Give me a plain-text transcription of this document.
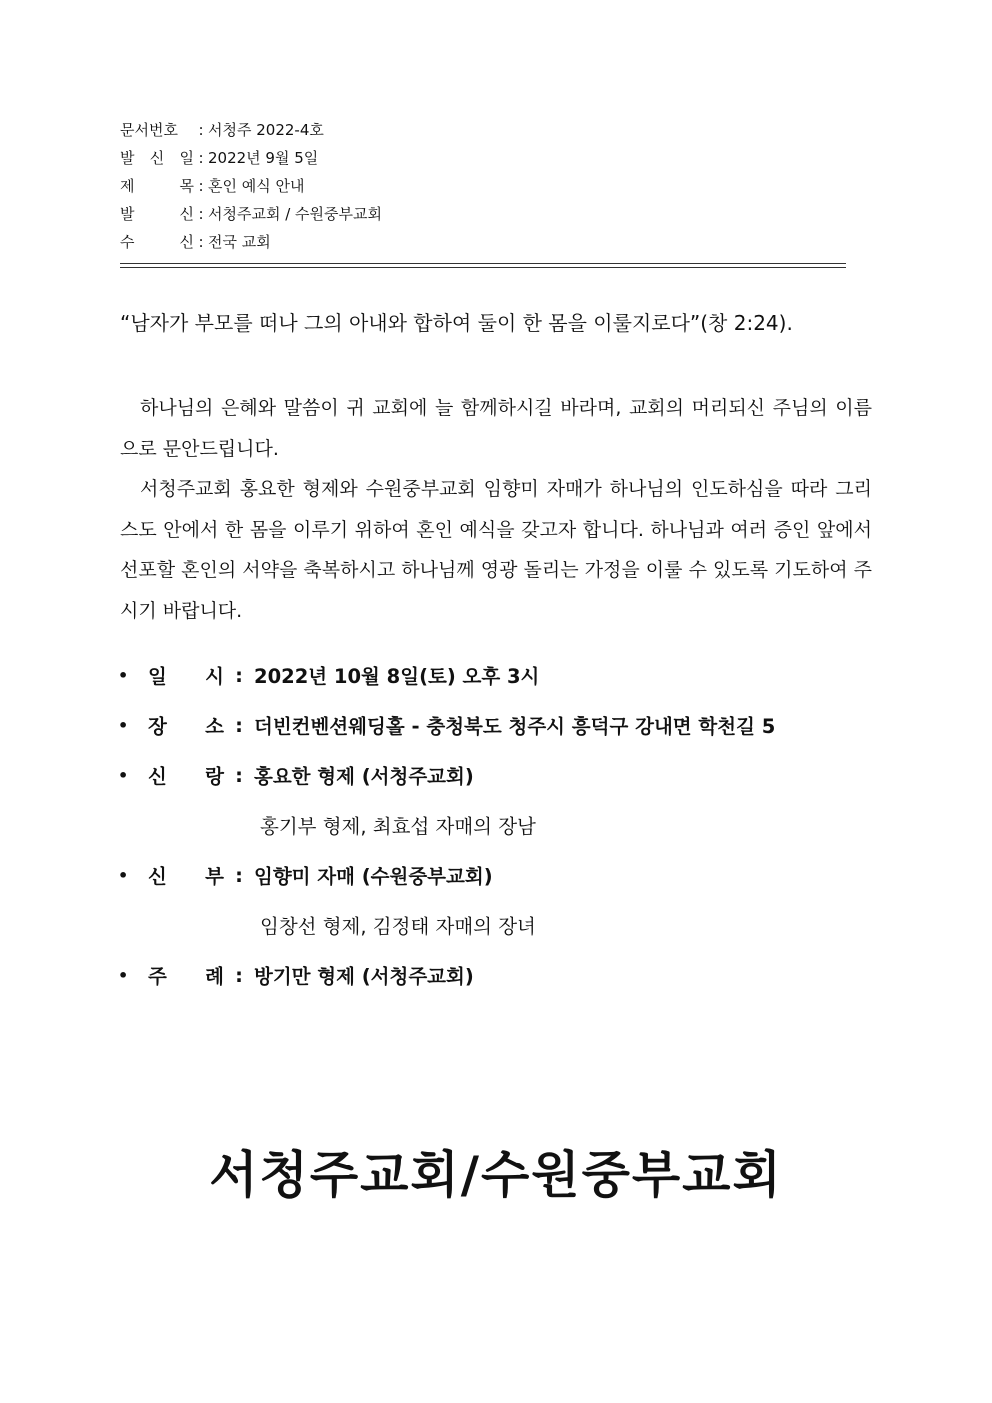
문서번호	: 서청주 2022-4호
발 신 일 : 2022년 9월 5일
제 목 : 혼인 예식 안내
발 신 : 서청주교회 / 수원중부교회
수 신 : 전국 교회
“남자가 부모를 떠나 그의 아내와 합하여 둘이 한 몸을 이룰지로다”(창 2:24).

하나님의 은혜와 말씀이 귀 교회에 늘 함께하시길 바라며, 교회의 머리되신 주님의 이름으로 문안드립니다.

서청주교회 홍요한 형제와 수원중부교회 임향미 자매가 하나님의 인도하심을 따라 그리스도 안에서 한 몸을 이루기 위하여 혼인 예식을 갖고자 합니다. 하나님과 여러 증인 앞에서 선포할 혼인의 서약을 축복하시고 하나님께 영광 돌리는 가정을 이룰 수 있도록 기도하여 주시기 바랍니다.

•	일 시 : 2022년 10월 8일(토) 오후 3시
•	장 소 : 더빈컨벤션웨딩홀 - 충청북도 청주시 흥덕구 강내면 학천길 5
•	신 랑 : 홍요한 형제 (서청주교회)
홍기부 형제, 최효섭 자매의 장남
•	신 부 : 임향미 자매 (수원중부교회)
임창선 형제, 김정태 자매의 장녀
•	주 례 : 방기만 형제 (서청주교회)
서청주교회/수원중부교회
